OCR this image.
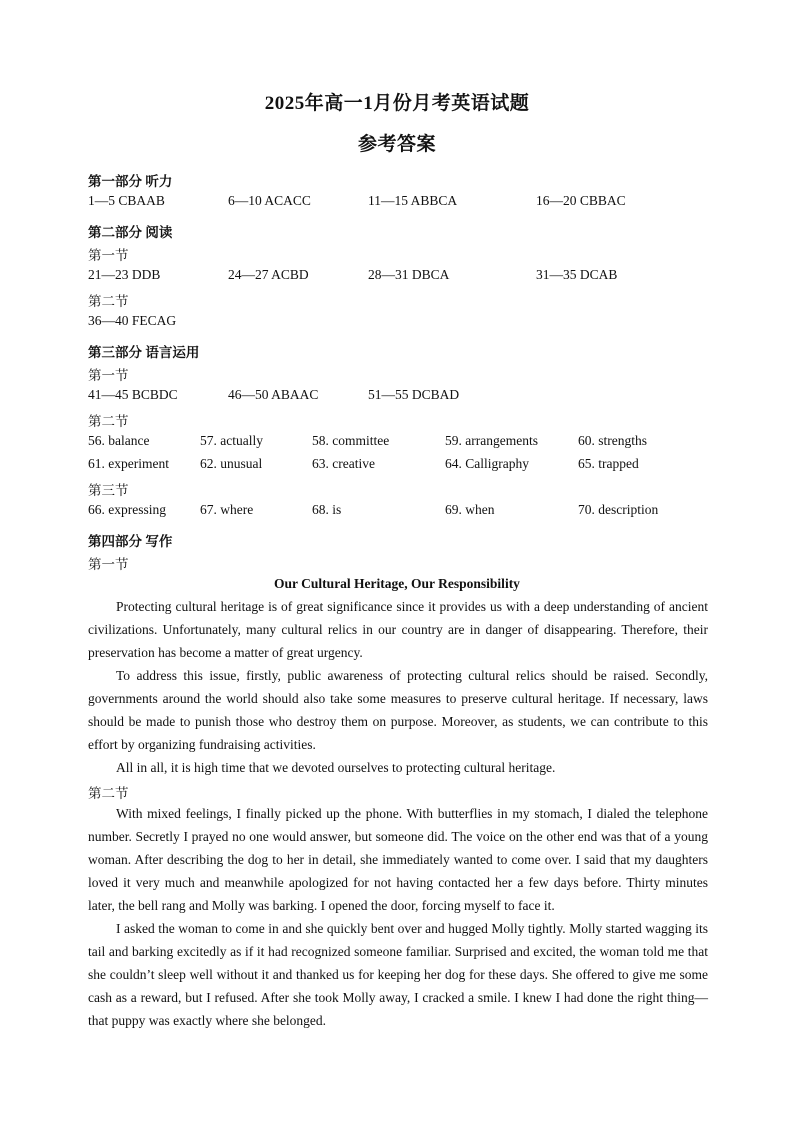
2025年高一1月份月考英语试题
参考答案
第一部分 听力
1—5 CBAAB	6—10 ACACC	11—15 ABBCA	16—20 CBBAC
第二部分 阅读
第一节
21—23 DDB	24—27 ACBD	28—31 DBCA	31—35 DCAB
第二节
36—40 FECAG
第三部分 语言运用
第一节
41—45 BCBDC	46—50 ABAAC	51—55 DCBAD
第二节
56. balance	57. actually	58. committee	59. arrangements	60. strengths
61. experiment 62. unusual	63. creative	64. Calligraphy	65. trapped
第三节
66. expressing	67. where	68. is	69. when	70. description
第四部分 写作
第一节
Our Cultural Heritage, Our Responsibility

Protecting cultural heritage is of great significance since it provides us with a deep understanding of ancient civilizations. Unfortunately, many cultural relics in our country are in danger of disappearing. Therefore, their preservation has become a matter of great urgency.

To address this issue, firstly, public awareness of protecting cultural relics should be raised. Secondly, governments around the world should also take some measures to preserve cultural heritage. If necessary, laws should be made to punish those who destroy them on purpose. Moreover, as students, we can contribute to this effort by organizing fundraising activities.

All in all, it is high time that we devoted ourselves to protecting cultural heritage.

第二节

With mixed feelings, I finally picked up the phone. With butterflies in my stomach, I dialed the telephone number. Secretly I prayed no one would answer, but someone did. The voice on the other end was that of a young woman. After describing the dog to her in detail, she immediately wanted to come over. I said that my daughters loved it very much and meanwhile apologized for not having contacted her a few days before. Thirty minutes later, the bell rang and Molly was barking. I opened the door, forcing myself to face it.

I asked the woman to come in and she quickly bent over and hugged Molly tightly. Molly started wagging its tail and barking excitedly as if it had recognized someone familiar. Surprised and excited, the woman told me that she couldn’t sleep well without it and thanked us for keeping her dog for these days. She offered to give me some cash as a reward, but I refused. After she took Molly away, I cracked a smile. I knew I had done the right thing—that puppy was exactly where she belonged.
